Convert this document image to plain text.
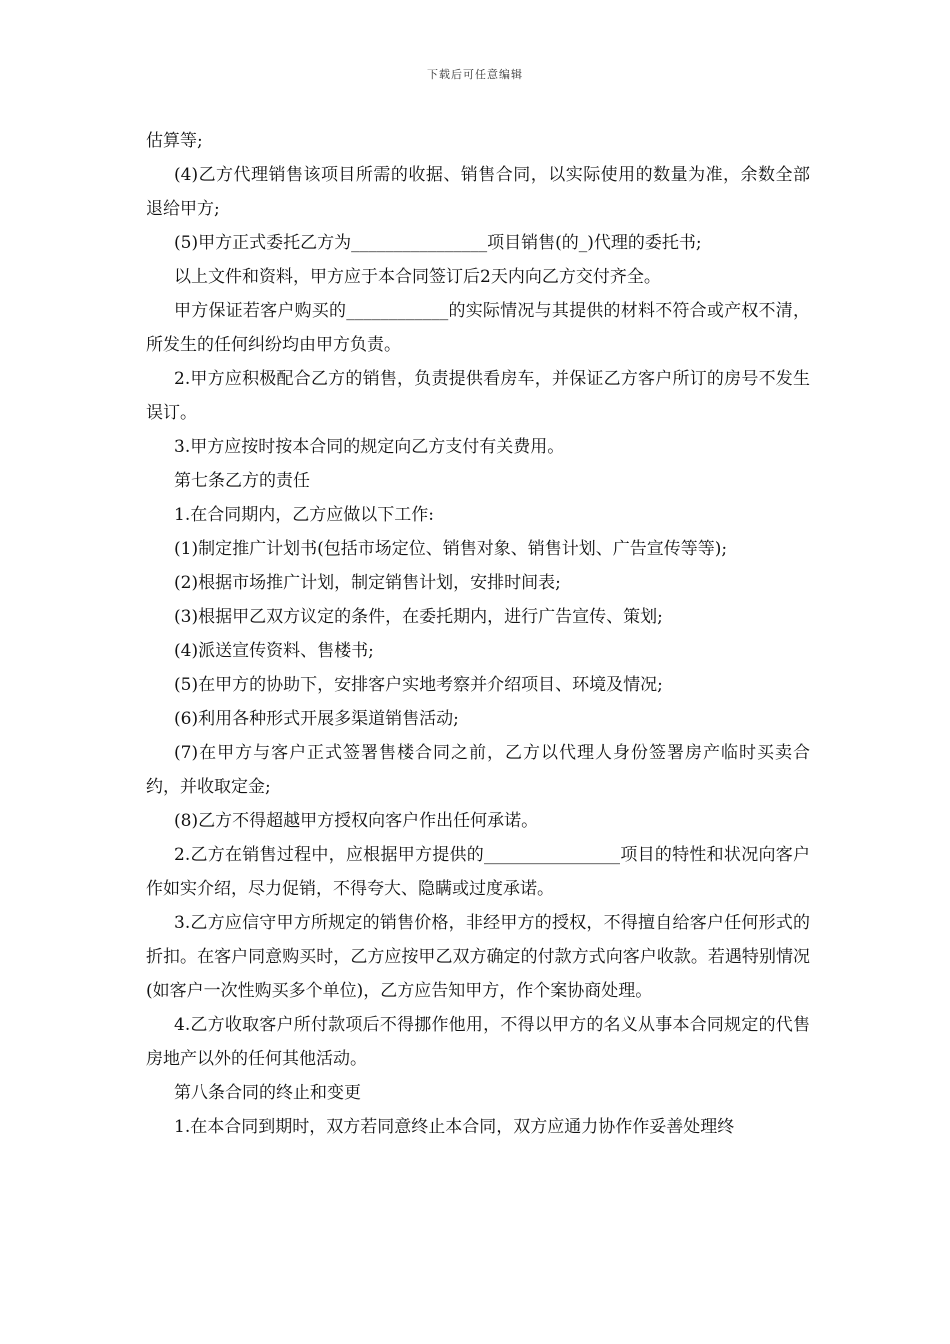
下载后可任意编辑

估算等;

(4)乙方代理销售该项目所需的收据、销售合同，以实际使用的数量为准，余数全部退给甲方;

(5)甲方正式委托乙方为________________项目销售(的_)代理的委托书;

以上文件和资料，甲方应于本合同签订后2天内向乙方交付齐全。

甲方保证若客户购买的____________的实际情况与其提供的材料不符合或产权不清，所发生的任何纠纷均由甲方负责。

2.甲方应积极配合乙方的销售，负责提供看房车，并保证乙方客户所订的房号不发生误订。

3.甲方应按时按本合同的规定向乙方支付有关费用。

第七条乙方的责任

1.在合同期内，乙方应做以下工作:

(1)制定推广计划书(包括市场定位、销售对象、销售计划、广告宣传等等);

(2)根据市场推广计划，制定销售计划，安排时间表;

(3)根据甲乙双方议定的条件，在委托期内，进行广告宣传、策划;

(4)派送宣传资料、售楼书;

(5)在甲方的协助下，安排客户实地考察并介绍项目、环境及情况;

(6)利用各种形式开展多渠道销售活动;

(7)在甲方与客户正式签署售楼合同之前，乙方以代理人身份签署房产临时买卖合约，并收取定金;

(8)乙方不得超越甲方授权向客户作出任何承诺。

2.乙方在销售过程中，应根据甲方提供的________________项目的特性和状况向客户作如实介绍，尽力促销，不得夸大、隐瞒或过度承诺。

3.乙方应信守甲方所规定的销售价格，非经甲方的授权，不得擅自给客户任何形式的折扣。在客户同意购买时，乙方应按甲乙双方确定的付款方式向客户收款。若遇特别情况(如客户一次性购买多个单位)，乙方应告知甲方，作个案协商处理。

4.乙方收取客户所付款项后不得挪作他用，不得以甲方的名义从事本合同规定的代售房地产以外的任何其他活动。

第八条合同的终止和变更

1.在本合同到期时，双方若同意终止本合同，双方应通力协作作妥善处理终
